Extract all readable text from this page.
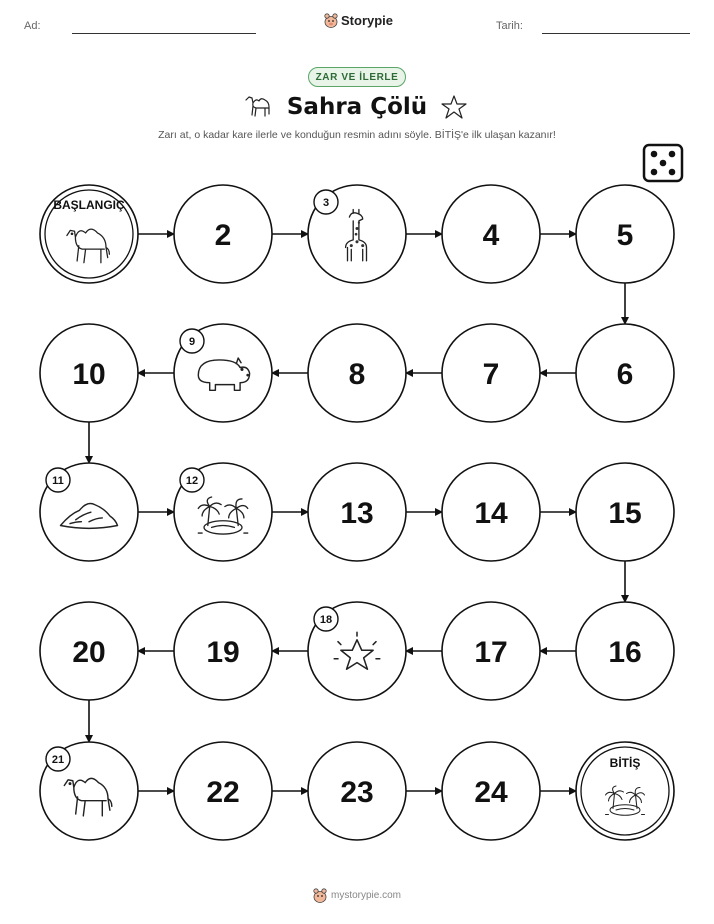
Ad:	Storypie	Tarih:
ZAR VE İLERLE
Sahra Çölü
Zarı at, o kadar kare ilerle ve konduğun resmin adını söyle. BİTİŞ'e ilk ulaşan kazanır!
BAŞLANGIÇ
2
3
4	5
6
7
8
9
10
11	12
13	14	15
16
17
18
19
20
21
22	23	24
BİTİŞ
mystorypie.com
